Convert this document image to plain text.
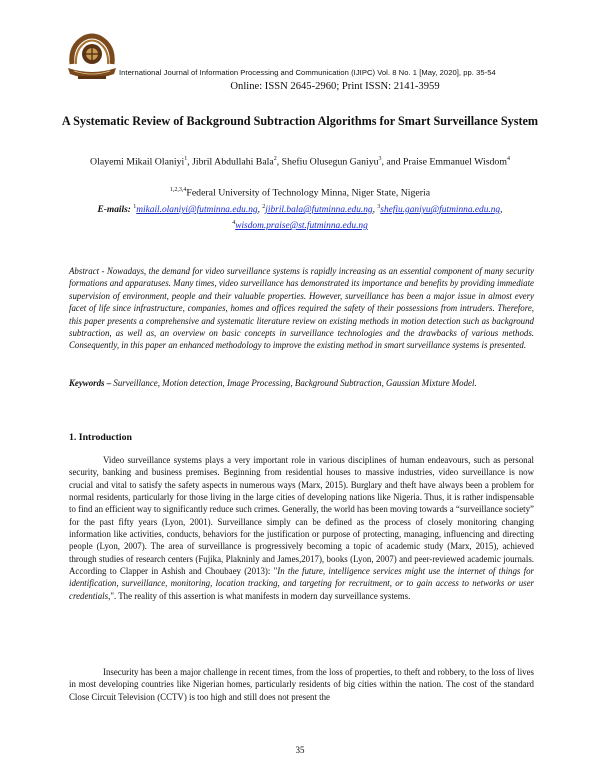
International Journal of Information Processing and Communication (IJIPC) Vol. 8 No. 1 [May, 2020], pp. 35-54
Online: ISSN 2645-2960; Print ISSN: 2141-3959
A Systematic Review of Background Subtraction Algorithms for Smart Surveillance System
Olayemi Mikail Olaniyi$^1$, Jibril Abdullahi Bala$^2$, Shefiu Olusegun Ganiyu$^3$, and Praise Emmanuel Wisdom$^4$
$^{1,2,3,4}$Federal University of Technology Minna, Niger State, Nigeria
E-mails: $^1$mikail.olaniyi@futminna.edu.ng, $^2$jibril.bala@futminna.edu.ng, $^3$shefiu.ganiyu@futminna.edu.ng,
$^4$wisdom.praise@st.futminna.edu.ng
Abstract - Nowadays, the demand for video surveillance systems is rapidly increasing as an essential component of many security formations and apparatuses. Many times, video surveillance has demonstrated its importance and benefits by providing immediate supervision of environment, people and their valuable properties. However, surveillance has been a major issue in almost every facet of life since infrastructure, companies, homes and offices required the safety of their possessions from intruders. Therefore, this paper presents a comprehensive and systematic literature review on existing methods in motion detection such as background subtraction, as well as, an overview on basic concepts in surveillance technologies and the drawbacks of various methods. Consequently, in this paper an enhanced methodology to improve the existing method in smart surveillance systems is presented.
Keywords – Surveillance, Motion detection, Image Processing, Background Subtraction, Gaussian Mixture Model.
1. Introduction
Video surveillance systems plays a very important role in various disciplines of human endeavours, such as personal security, banking and business premises. Beginning from residential houses to massive industries, video surveillance is now crucial and vital to satisfy the safety aspects in numerous ways (Marx, 2015). Burglary and theft have always been a problem for normal residents, particularly for those living in the large cities of developing nations like Nigeria. Thus, it is rather indispensable to find an efficient way to significantly reduce such crimes. Generally, the world has been moving towards a “surveillance society” for the past fifty years (Lyon, 2001). Surveillance simply can be defined as the process of closely monitoring changing information like activities, conducts, behaviors for the justification or purpose of protecting, managing, influencing and directing people (Lyon, 2007). The area of surveillance is progressively becoming a topic of academic study (Marx, 2015), achieved through studies of research centers (Fujika, Plakninly and James,2017), books (Lyon, 2007) and peer-reviewed academic journals. According to Clapper in Ashish and Choubaey (2013): "In the future, intelligence services might use the internet of things for identification, surveillance, monitoring, location tracking, and targeting for recruitment, or to gain access to networks or user credentials,". The reality of this assertion is what manifests in modern day surveillance systems.
Insecurity has been a major challenge in recent times, from the loss of properties, to theft and robbery, to the loss of lives in most developing countries like Nigerian homes, particularly residents of big cities within the nation. The cost of the standard Close Circuit Television (CCTV) is too high and still does not present the
35
